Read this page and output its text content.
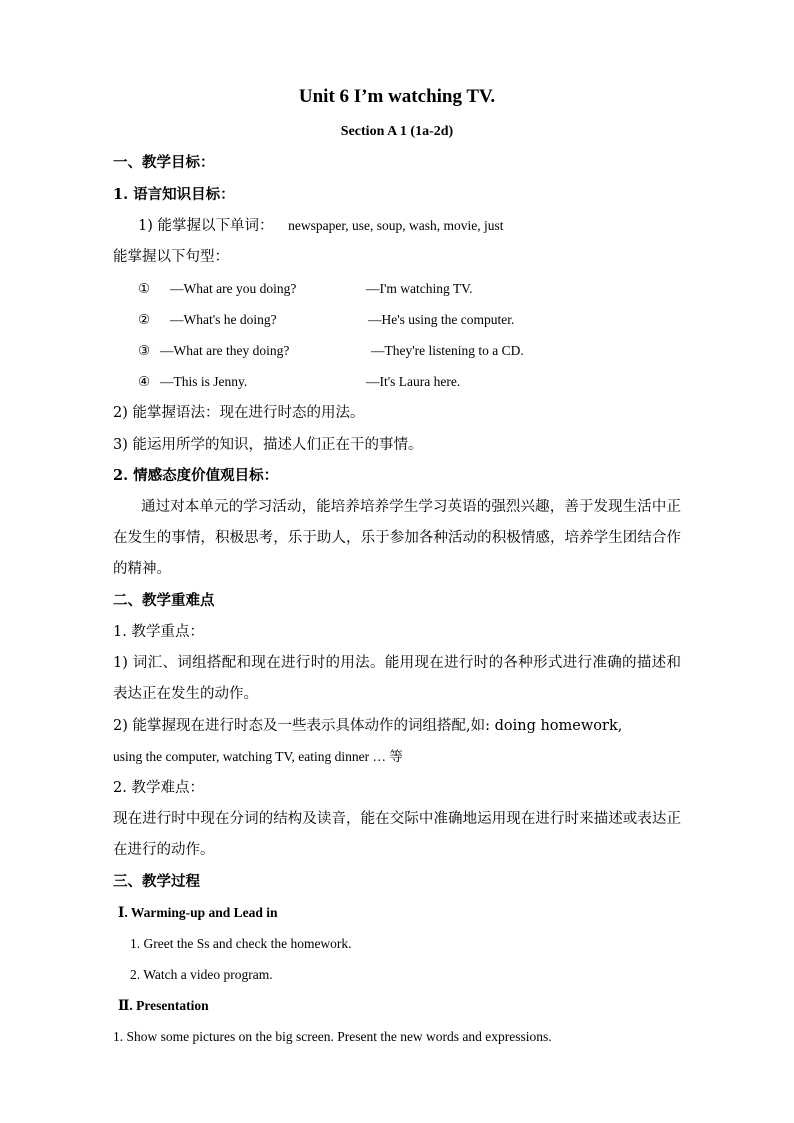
Unit 6 I’m watching TV.
Section A 1 (1a-2d)
一、教学目标：
1. 语言知识目标：
1) 能掌握以下单词： newspaper, use, soup, wash, movie, just
能掌握以下句型：
① —What are you doing?	—I'm watching TV.
② —What's he doing?	—He's using the computer.
③ —What are they doing?	—They're listening to a CD.
④ —This is Jenny.	—It's Laura here.
2) 能掌握语法：现在进行时态的用法。
3) 能运用所学的知识，描述人们正在干的事情。
2. 情感态度价值观目标：
通过对本单元的学习活动，能培养培养学生学习英语的强烈兴趣，善于发现生活中正在发生的事情，积极思考，乐于助人，乐于参加各种活动的积极情感，培养学生团结合作的精神。
二、教学重难点
1. 教学重点：
1) 词汇、词组搭配和现在进行时的用法。能用现在进行时的各种形式进行准确的描述和表达正在发生的动作。
2) 能掌握现在进行时态及一些表示具体动作的词组搭配,如: doing homework,
using the computer, watching TV, eating dinner … 等
2. 教学难点：
现在进行时中现在分词的结构及读音，能在交际中准确地运用现在进行时来描述或表达正在进行的动作。
三、教学过程
Ⅰ. Warming-up and Lead in
1. Greet the Ss and check the homework.
2. Watch a video program.
Ⅱ. Presentation
1. Show some pictures on the big screen. Present the new words and expressions.
